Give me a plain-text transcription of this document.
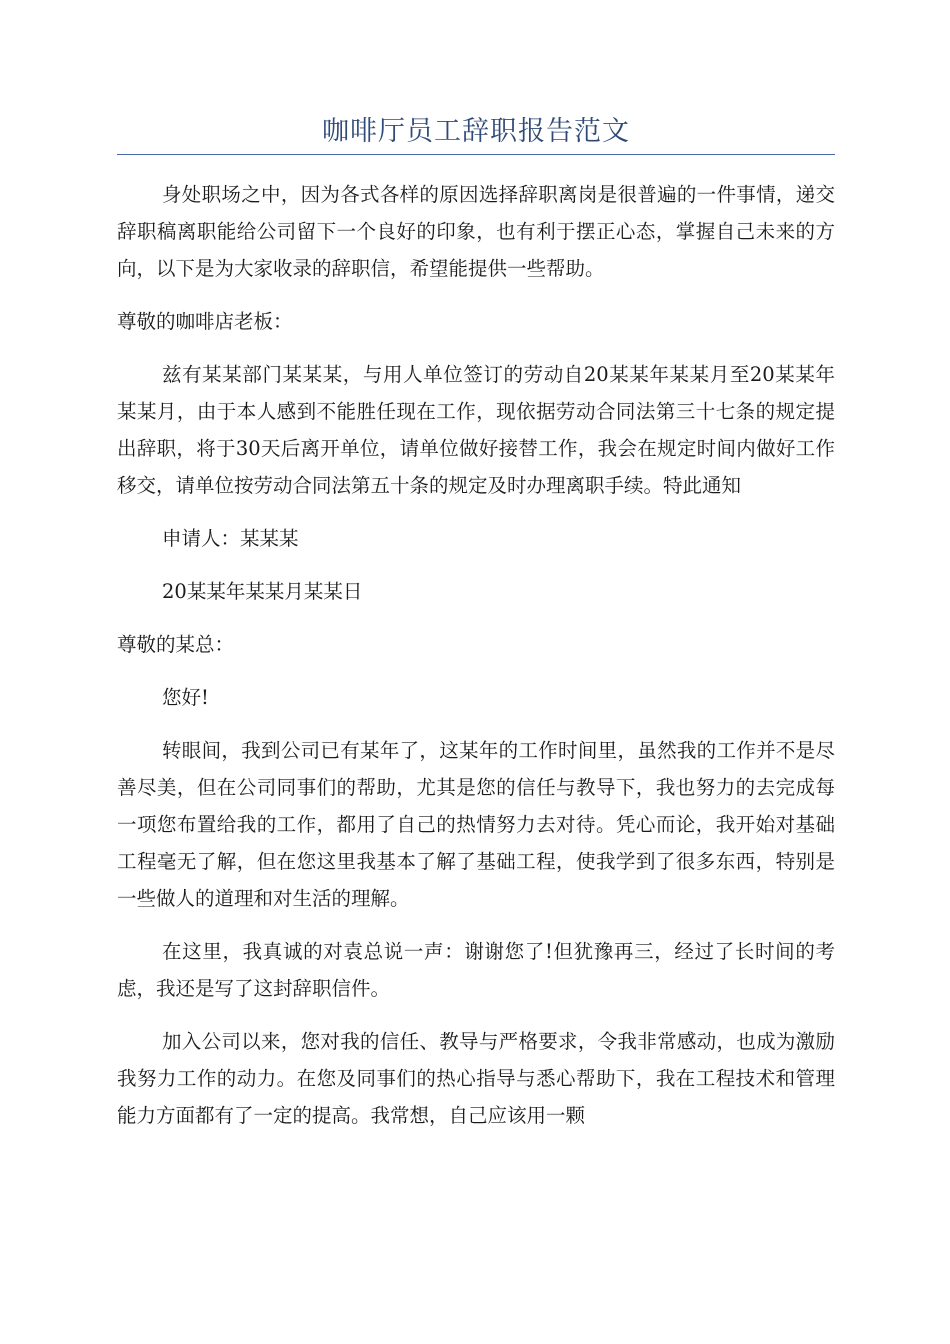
咖啡厅员工辞职报告范文

身处职场之中，因为各式各样的原因选择辞职离岗是很普遍的一件事情，递交辞职稿离职能给公司留下一个良好的印象，也有利于摆正心态，掌握自己未来的方向，以下是为大家收录的辞职信，希望能提供一些帮助。

尊敬的咖啡店老板：

兹有某某部门某某某，与用人单位签订的劳动自20某某年某某月至20某某年某某月，由于本人感到不能胜任现在工作，现依据劳动合同法第三十七条的规定提出辞职，将于30天后离开单位，请单位做好接替工作，我会在规定时间内做好工作移交，请单位按劳动合同法第五十条的规定及时办理离职手续。特此通知

申请人：某某某

20某某年某某月某某日

尊敬的某总：

您好!

转眼间，我到公司已有某年了，这某年的工作时间里，虽然我的工作并不是尽善尽美，但在公司同事们的帮助，尤其是您的信任与教导下，我也努力的去完成每一项您布置给我的工作，都用了自己的热情努力去对待。凭心而论，我开始对基础工程毫无了解，但在您这里我基本了解了基础工程，使我学到了很多东西，特别是一些做人的道理和对生活的理解。

在这里，我真诚的对袁总说一声：谢谢您了!但犹豫再三，经过了长时间的考虑，我还是写了这封辞职信件。

加入公司以来，您对我的信任、教导与严格要求，令我非常感动，也成为激励我努力工作的动力。在您及同事们的热心指导与悉心帮助下，我在工程技术和管理能力方面都有了一定的提高。我常想，自己应该用一颗
